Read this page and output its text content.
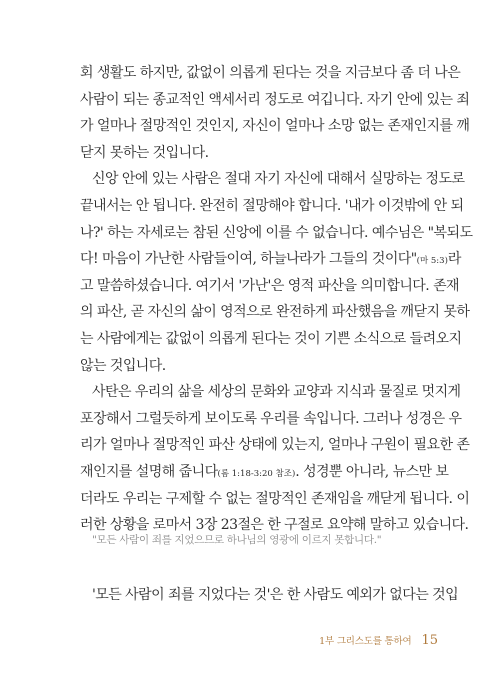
회 생활도 하지만, 값없이 의롭게 된다는 것을 지금보다 좀 더 나은
사람이 되는 종교적인 액세서리 정도로 여깁니다. 자기 안에 있는 죄
가 얼마나 절망적인 것인지, 자신이 얼마나 소망 없는 존재인지를 깨
닫지 못하는 것입니다.
신앙 안에 있는 사람은 절대 자기 자신에 대해서 실망하는 정도로
끝내서는 안 됩니다. 완전히 절망해야 합니다. '내가 이것밖에 안 되
나?' 하는 자세로는 참된 신앙에 이를 수 없습니다. 예수님은 "복되도
다! 마음이 가난한 사람들이여, 하늘나라가 그들의 것이다"(마 5:3)라
고 말씀하셨습니다. 여기서 '가난'은 영적 파산을 의미합니다. 존재
의 파산, 곧 자신의 삶이 영적으로 완전하게 파산했음을 깨닫지 못하
는 사람에게는 값없이 의롭게 된다는 것이 기쁜 소식으로 들려오지
않는 것입니다.
사탄은 우리의 삶을 세상의 문화와 교양과 지식과 물질로 멋지게
포장해서 그럴듯하게 보이도록 우리를 속입니다. 그러나 성경은 우
리가 얼마나 절망적인 파산 상태에 있는지, 얼마나 구원이 필요한 존
재인지를 설명해 줍니다(롬 1:18-3:20 참조). 성경뿐 아니라, 뉴스만 보
더라도 우리는 구제할 수 없는 절망적인 존재임을 깨닫게 됩니다. 이
러한 상황을 로마서 3장 23절은 한 구절로 요약해 말하고 있습니다.
"모든 사람이 죄를 지었으므로 하나님의 영광에 이르지 못합니다."
'모든 사람이 죄를 지었다는 것'은 한 사람도 예외가 없다는 것입
1부 그리스도를 통하여 15
